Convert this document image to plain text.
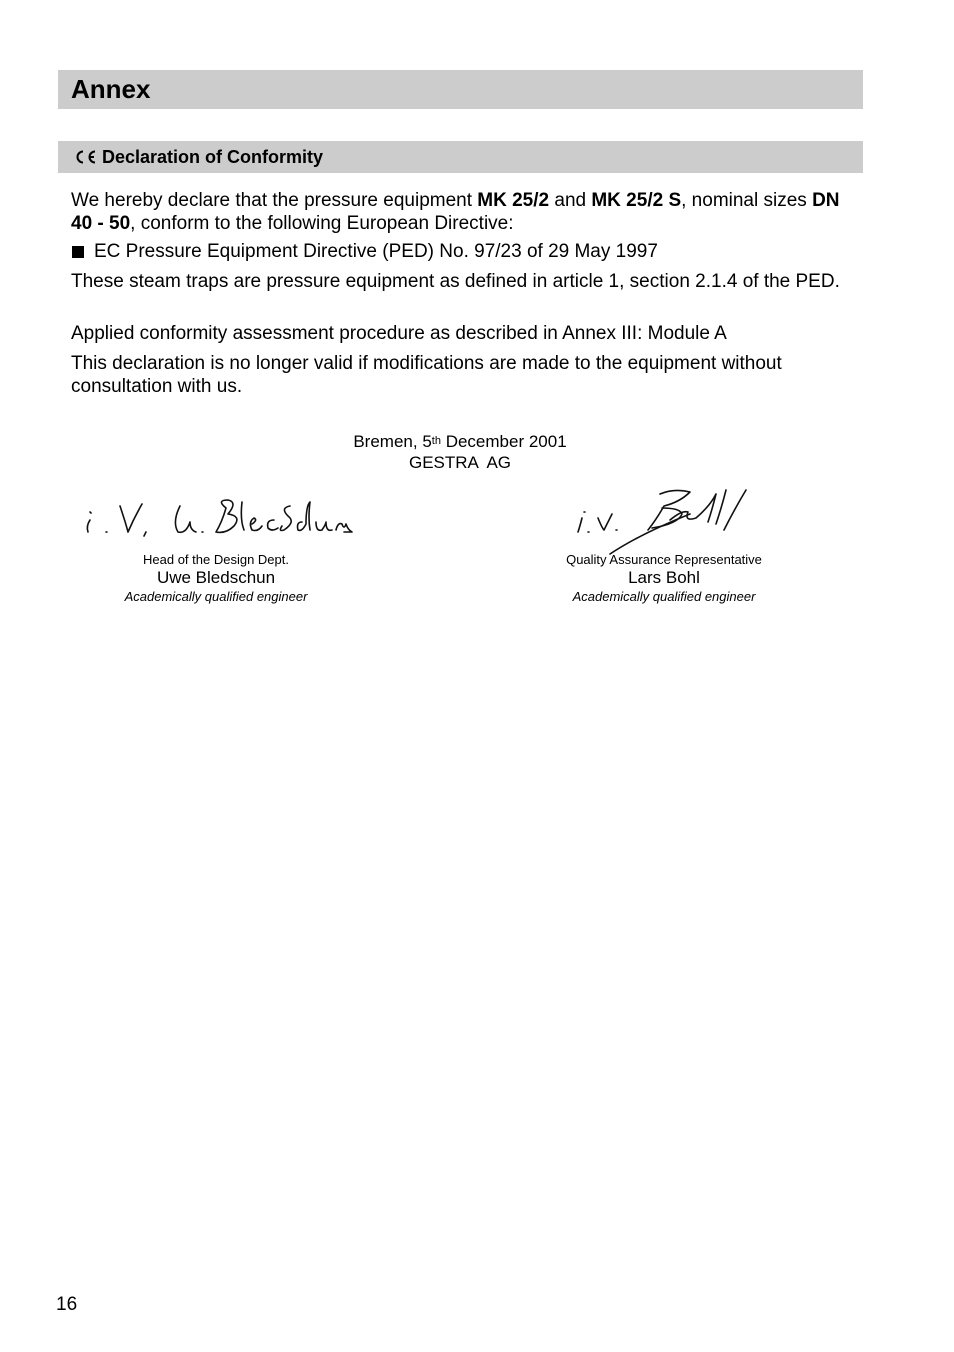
Annex
Declaration of Conformity
We hereby declare that the pressure equipment MK 25/2 and MK 25/2 S, nominal sizes DN 40 - 50, conform to the following European Directive:
EC Pressure Equipment Directive (PED) No. 97/23 of 29 May 1997
These steam traps are pressure equipment as defined in article 1, section 2.1.4 of the PED.
Applied conformity assessment procedure as described in Annex III: Module A
This declaration is no longer valid if modifications are made to the equipment without consultation with us.
Bremen, 5th December 2001
GESTRA  AG
Head of the Design Dept.
Uwe Bledschun
Academically qualified engineer
Quality Assurance Representative
Lars Bohl
Academically qualified engineer
16
